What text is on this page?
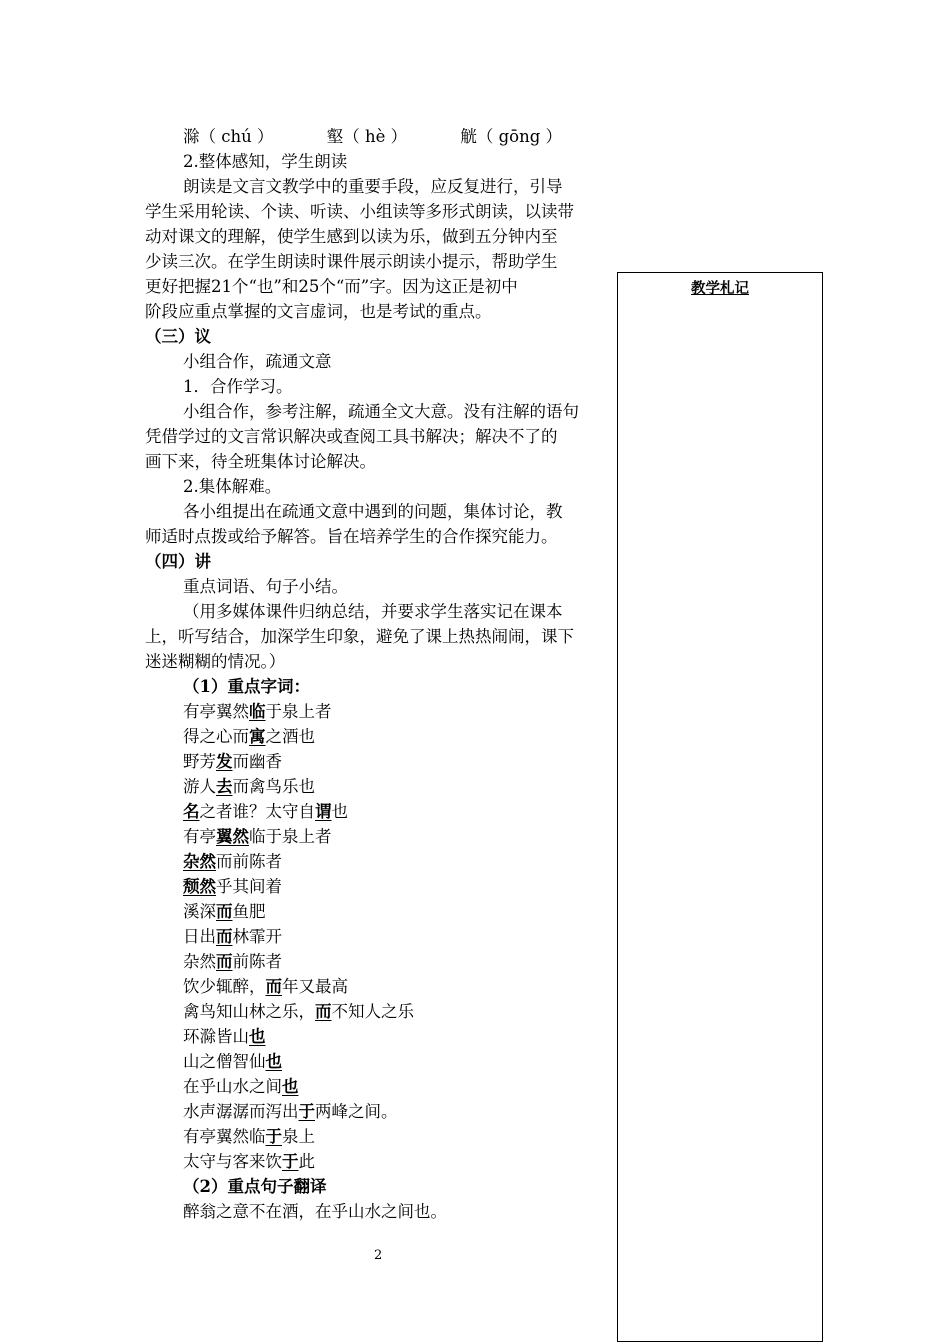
滁（ chú ）	壑（ hè ）	觥（ gōng ）
2.整体感知，学生朗读
朗读是文言文教学中的重要手段，应反复进行，引导
学生采用轮读、个读、听读、小组读等多形式朗读，以读带
动对课文的理解，使学生感到以读为乐，做到五分钟内至
少读三次。在学生朗读时课件展示朗读小提示，帮助学生
更好把握21个“也”和25个“而”字。因为这正是初中
阶段应重点掌握的文言虚词，也是考试的重点。
（三）议
小组合作，疏通文意
1．合作学习。
小组合作，参考注解，疏通全文大意。没有注解的语句
凭借学过的文言常识解决或查阅工具书解决；解决不了的
画下来，待全班集体讨论解决。
2.集体解难。
各小组提出在疏通文意中遇到的问题，集体讨论，教
师适时点拨或给予解答。旨在培养学生的合作探究能力。
（四）讲
重点词语、句子小结。
（用多媒体课件归纳总结，并要求学生落实记在课本
上，听写结合，加深学生印象，避免了课上热热闹闹，课下
迷迷糊糊的情况。）
（1）重点字词：
有亭翼然临于泉上者
得之心而寓之酒也
野芳发而幽香
游人去而禽鸟乐也
名之者谁？太守自谓也
有亭翼然临于泉上者
杂然而前陈者
颓然乎其间着
溪深而鱼肥
日出而林霏开
杂然而前陈者
饮少辄醉，而年又最高
禽鸟知山林之乐，而不知人之乐
环滁皆山也
山之僧智仙也
在乎山水之间也
水声潺潺而泻出于两峰之间。
有亭翼然临于泉上
太守与客来饮于此
（2）重点句子翻译
醉翁之意不在酒，在乎山水之间也。
2
教学札记
